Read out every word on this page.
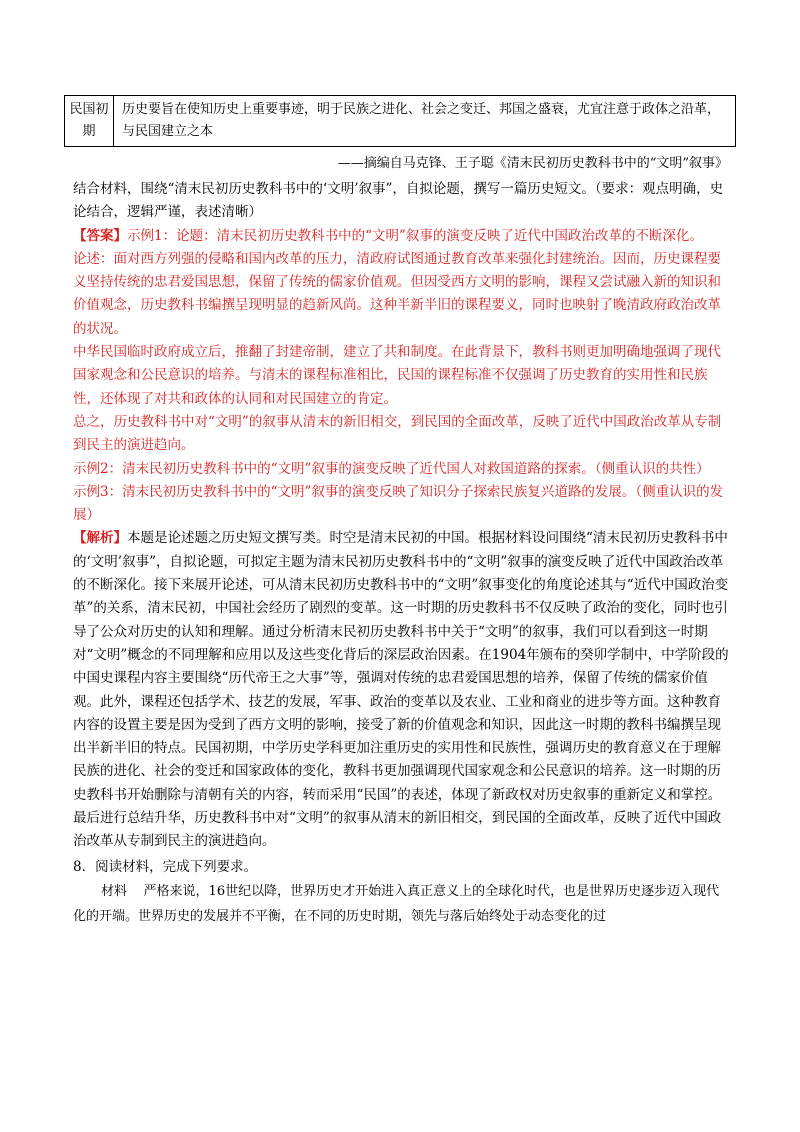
民国初期	历史要旨在使知历史上重要事迹，明于民族之进化、社会之变迁、邦国之盛衰，尤宜注意于政体之沿革，与民国建立之本
——摘编自马克锋、王子聪《清末民初历史教科书中的“文明”叙事》

结合材料，围绕“清末民初历史教科书中的‘文明’叙事”，自拟论题，撰写一篇历史短文。（要求：观点明确，史论结合，逻辑严谨，表述清晰）

【答案】示例1：论题：清末民初历史教科书中的“文明”叙事的演变反映了近代中国政治改革的不断深化。

论述：面对西方列强的侵略和国内改革的压力，清政府试图通过教育改革来强化封建统治。因而，历史课程要义坚持传统的忠君爱国思想，保留了传统的儒家价值观。但因受西方文明的影响，课程又尝试融入新的知识和价值观念，历史教科书编撰呈现明显的趋新风尚。这种半新半旧的课程要义，同时也映射了晚清政府政治改革的状况。

中华民国临时政府成立后，推翻了封建帝制，建立了共和制度。在此背景下，教科书则更加明确地强调了现代国家观念和公民意识的培养。与清末的课程标准相比，民国的课程标准不仅强调了历史教育的实用性和民族性，还体现了对共和政体的认同和对民国建立的肯定。

总之，历史教科书中对“文明”的叙事从清末的新旧相交，到民国的全面改革，反映了近代中国政治改革从专制到民主的演进趋向。

示例2：清末民初历史教科书中的“文明”叙事的演变反映了近代国人对救国道路的探索。（侧重认识的共性）

示例3：清末民初历史教科书中的“文明”叙事的演变反映了知识分子探索民族复兴道路的发展。（侧重认识的发展）

【解析】本题是论述题之历史短文撰写类。时空是清末民初的中国。根据材料设问围绕“清末民初历史教科书中的‘文明’叙事”，自拟论题，可拟定主题为清末民初历史教科书中的“文明”叙事的演变反映了近代中国政治改革的不断深化。接下来展开论述，可从清末民初历史教科书中的“文明”叙事变化的角度论述其与“近代中国政治变革”的关系，清末民初，中国社会经历了剧烈的变革。这一时期的历史教科书不仅反映了政治的变化，同时也引导了公众对历史的认知和理解。通过分析清末民初历史教科书中关于“文明”的叙事，我们可以看到这一时期对“文明”概念的不同理解和应用以及这些变化背后的深层政治因素。在1904年颁布的癸卯学制中，中学阶段的中国史课程内容主要围绕“历代帝王之大事”等，强调对传统的忠君爱国思想的培养，保留了传统的儒家价值观。此外，课程还包括学术、技艺的发展，军事、政治的变革以及农业、工业和商业的进步等方面。这种教育内容的设置主要是因为受到了西方文明的影响，接受了新的价值观念和知识，因此这一时期的教科书编撰呈现出半新半旧的特点。民国初期，中学历史学科更加注重历史的实用性和民族性，强调历史的教育意义在于理解民族的进化、社会的变迁和国家政体的变化，教科书更加强调现代国家观念和公民意识的培养。这一时期的历史教科书开始删除与清朝有关的内容，转而采用“民国”的表述，体现了新政权对历史叙事的重新定义和掌控。最后进行总结升华，历史教科书中对“文明”的叙事从清末的新旧相交，到民国的全面改革，反映了近代中国政治改革从专制到民主的演进趋向。

8．阅读材料，完成下列要求。

材料 严格来说，16世纪以降，世界历史才开始进入真正意义上的全球化时代，也是世界历史逐步迈入现代化的开端。世界历史的发展并不平衡，在不同的历史时期，领先与落后始终处于动态变化的过
